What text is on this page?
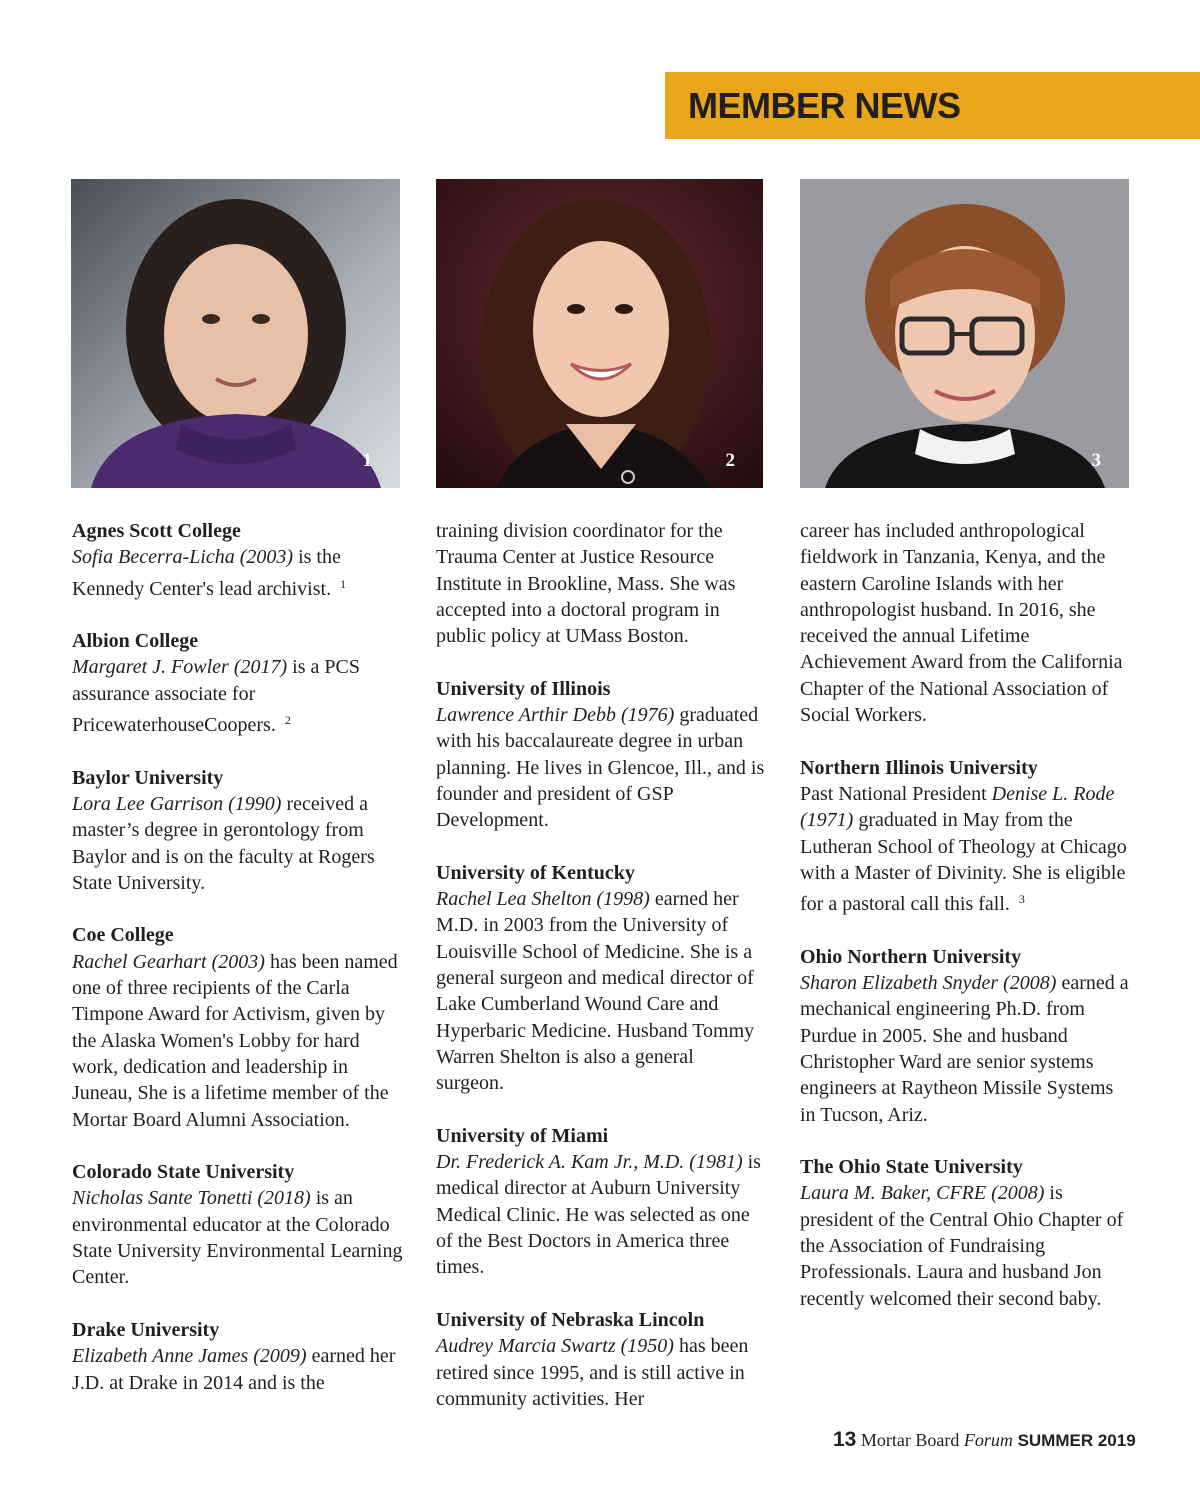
MEMBER NEWS
1	2	3
Agnes Scott College
Sofia Becerra-Licha (2003) is the Kennedy Center's lead archivist. $^1$
Albion College
Margaret J. Fowler (2017) is a PCS assurance associate for PricewaterhouseCoopers. $^2$
Baylor University
Lora Lee Garrison (1990) received a master’s degree in gerontology from Baylor and is on the faculty at Rogers State University.
Coe College
Rachel Gearhart (2003) has been named one of three recipients of the Carla Timpone Award for Activism, given by the Alaska Women's Lobby for hard work, dedication and leadership in Juneau, She is a lifetime member of the Mortar Board Alumni Association.
Colorado State University
Nicholas Sante Tonetti (2018) is an environmental educator at the Colorado State University Environmental Learning Center.
Drake University
Elizabeth Anne James (2009) earned her J.D. at Drake in 2014 and is the
training division coordinator for the Trauma Center at Justice Resource Institute in Brookline, Mass. She was accepted into a doctoral program in public policy at UMass Boston.
University of Illinois
Lawrence Arthir Debb (1976) graduated with his baccalaureate degree in urban planning. He lives in Glencoe, Ill., and is founder and president of GSP Development.
University of Kentucky
Rachel Lea Shelton (1998) earned her M.D. in 2003 from the University of Louisville School of Medicine. She is a general surgeon and medical director of Lake Cumberland Wound Care and Hyperbaric Medicine. Husband Tommy Warren Shelton is also a general surgeon.
University of Miami
Dr. Frederick A. Kam Jr., M.D. (1981) is medical director at Auburn University Medical Clinic. He was selected as one of the Best Doctors in America three times.
University of Nebraska Lincoln
Audrey Marcia Swartz (1950) has been retired since 1995, and is still active in community activities. Her
career has included anthropological fieldwork in Tanzania, Kenya, and the eastern Caroline Islands with her anthropologist husband. In 2016, she received the annual Lifetime Achievement Award from the California Chapter of the National Association of Social Workers.
Northern Illinois University
Past National President Denise L. Rode (1971) graduated in May from the Lutheran School of Theology at Chicago with a Master of Divinity. She is eligible for a pastoral call this fall. $^3$
Ohio Northern University
Sharon Elizabeth Snyder (2008) earned a mechanical engineering Ph.D. from Purdue in 2005. She and husband Christopher Ward are senior systems engineers at Raytheon Missile Systems in Tucson, Ariz.
The Ohio State University
Laura M. Baker, CFRE (2008) is president of the Central Ohio Chapter of the Association of Fundraising Professionals. Laura and husband Jon recently welcomed their second baby.
13 Mortar Board Forum SUMMER 2019
